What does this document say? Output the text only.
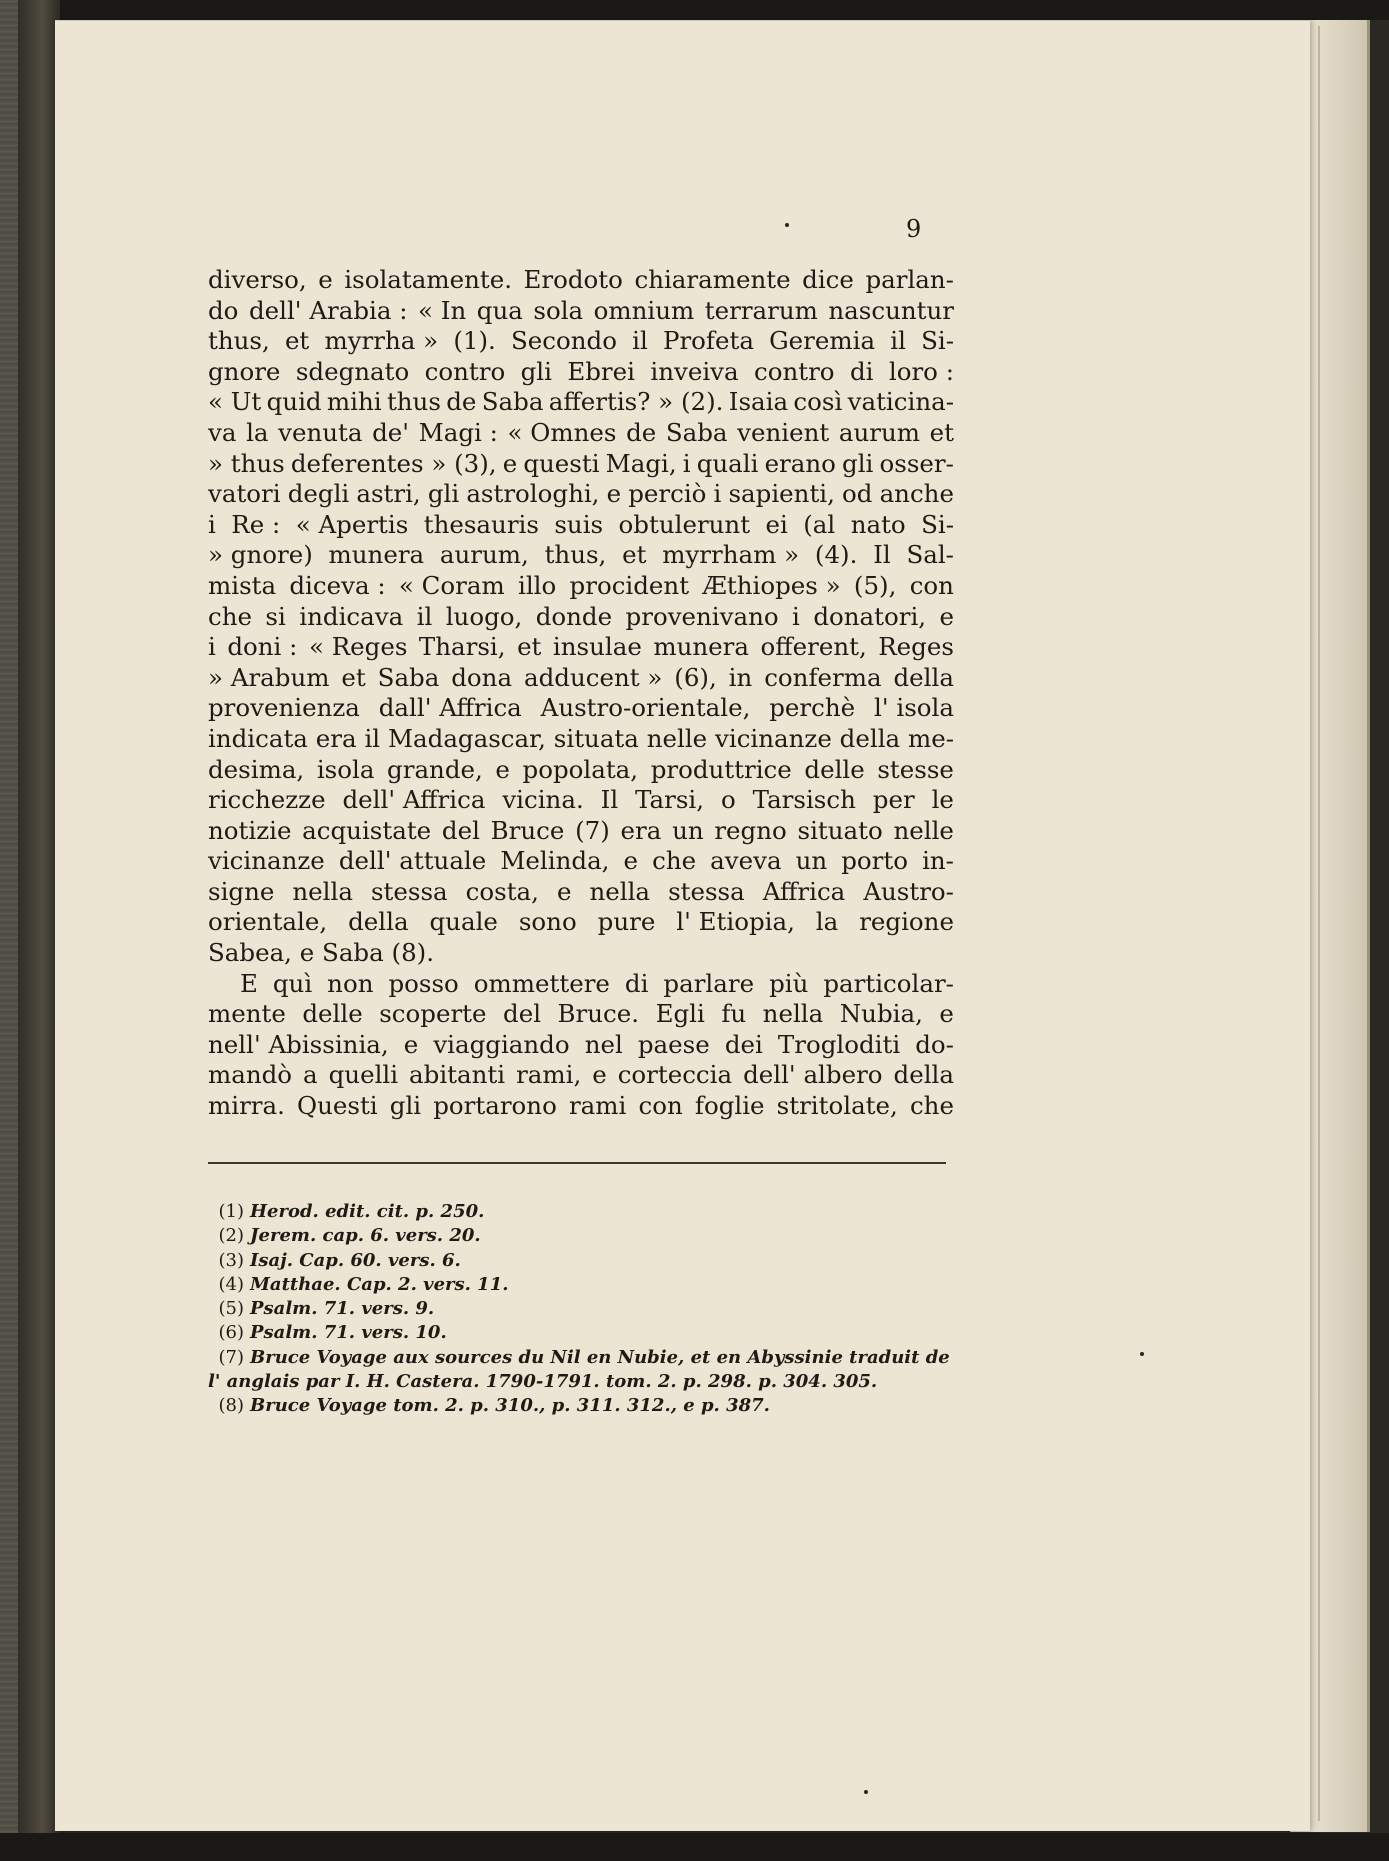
9
diverso, e isolatamente. Erodoto chiaramente dice parlan-
do dell' Arabia : « In qua sola omnium terrarum nascuntur
thus, et myrrha » (1). Secondo il Profeta Geremia il Si-
gnore sdegnato contro gli Ebrei inveiva contro di loro :
« Ut quid mihi thus de Saba affertis? » (2). Isaia così vaticina-
va la venuta de' Magi : « Omnes de Saba venient aurum et
» thus deferentes » (3), e questi Magi, i quali erano gli osser-
vatori degli astri, gli astrologhi, e perciò i sapienti, od anche
i Re : « Apertis thesauris suis obtulerunt ei (al nato Si-
» gnore) munera aurum, thus, et myrrham » (4). Il Sal-
mista diceva : « Coram illo procident Æthiopes » (5), con
che si indicava il luogo, donde provenivano i donatori, e
i doni : « Reges Tharsi, et insulae munera offerent, Reges
» Arabum et Saba dona adducent » (6), in conferma della
provenienza dall' Affrica Austro-orientale, perchè l' isola
indicata era il Madagascar, situata nelle vicinanze della me-
desima, isola grande, e popolata, produttrice delle stesse
ricchezze dell' Affrica vicina. Il Tarsi, o Tarsisch per le
notizie acquistate del Bruce (7) era un regno situato nelle
vicinanze dell' attuale Melinda, e che aveva un porto in-
signe nella stessa costa, e nella stessa Affrica Austro-
orientale, della quale sono pure l' Etiopia, la regione
Sabea, e Saba (8).
E quì non posso ommettere di parlare più particolar-
mente delle scoperte del Bruce. Egli fu nella Nubia, e
nell' Abissinia, e viaggiando nel paese dei Trogloditi do-
mandò a quelli abitanti rami, e corteccia dell' albero della
mirra. Questi gli portarono rami con foglie stritolate, che
(1) Herod. edit. cit. p. 250.
(2) Jerem. cap. 6. vers. 20.
(3) Isaj. Cap. 60. vers. 6.
(4) Matthae. Cap. 2. vers. 11.
(5) Psalm. 71. vers. 9.
(6) Psalm. 71. vers. 10.
(7) Bruce Voyage aux sources du Nil en Nubie, et en Abyssinie traduit de
l' anglais par I. H. Castera. 1790-1791. tom. 2. p. 298. p. 304. 305.
(8) Bruce Voyage tom. 2. p. 310., p. 311. 312., e p. 387.
